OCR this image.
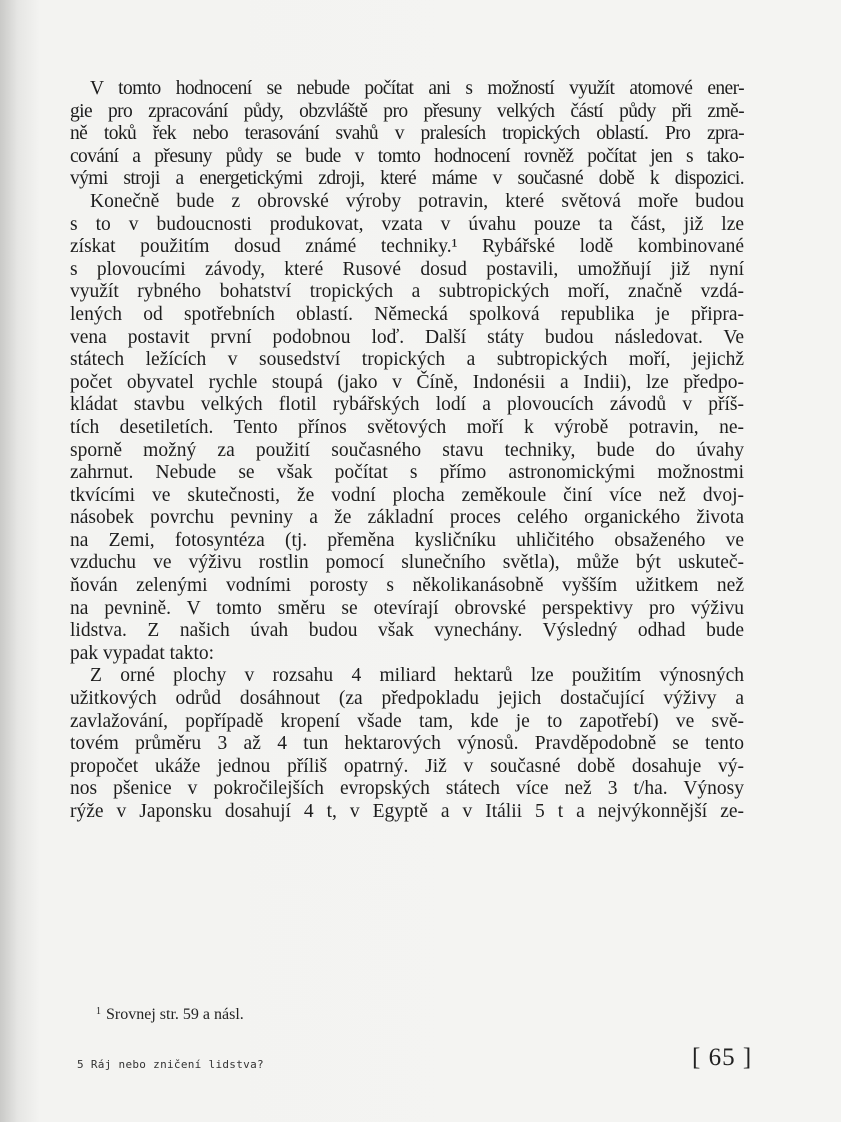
V tomto hodnocení se nebude počítat ani s možností využít atomové ener-
gie pro zpracování půdy, obzvláště pro přesuny velkých částí půdy při změ-
ně toků řek nebo terasování svahů v pralesích tropických oblastí. Pro zpra-
cování a přesuny půdy se bude v tomto hodnocení rovněž počítat jen s tako-
vými stroji a energetickými zdroji, které máme v současné době k dispozici.
Konečně bude z obrovské výroby potravin, které světová moře budou
s to v budoucnosti produkovat, vzata v úvahu pouze ta část, již lze
získat použitím dosud známé techniky.¹ Rybářské lodě kombinované
s plovoucími závody, které Rusové dosud postavili, umožňují již nyní
využít rybného bohatství tropických a subtropických moří, značně vzdá-
lených od spotřebních oblastí. Německá spolková republika je připra-
vena postavit první podobnou loď. Další státy budou následovat. Ve
státech ležících v sousedství tropických a subtropických moří, jejichž
počet obyvatel rychle stoupá (jako v Číně, Indonésii a Indii), lze předpo-
kládat stavbu velkých flotil rybářských lodí a plovoucích závodů v příš-
tích desetiletích. Tento přínos světových moří k výrobě potravin, ne-
sporně možný za použití současného stavu techniky, bude do úvahy
zahrnut. Nebude se však počítat s přímo astronomickými možnostmi
tkvícími ve skutečnosti, že vodní plocha zeměkoule činí více než dvoj-
násobek povrchu pevniny a že základní proces celého organického života
na Zemi, fotosyntéza (tj. přeměna kysličníku uhličitého obsaženého ve
vzduchu ve výživu rostlin pomocí slunečního světla), může být uskuteč-
ňován zelenými vodními porosty s několikanásobně vyšším užitkem než
na pevnině. V tomto směru se otevírají obrovské perspektivy pro výživu
lidstva. Z našich úvah budou však vynechány. Výsledný odhad bude
pak vypadat takto:
Z orné plochy v rozsahu 4 miliard hektarů lze použitím výnosných
užitkových odrůd dosáhnout (za předpokladu jejich dostačující výživy a
zavlažování, popřípadě kropení všade tam, kde je to zapotřebí) ve svě-
tovém průměru 3 až 4 tun hektarových výnosů. Pravděpodobně se tento
propočet ukáže jednou příliš opatrný. Již v současné době dosahuje vý-
nos pšenice v pokročilejších evropských státech více než 3 t/ha. Výnosy
rýže v Japonsku dosahují 4 t, v Egyptě a v Itálii 5 t a nejvýkonnější ze-
$^1$ Srovnej str. 59 a násl.
5 Ráj nebo zničení lidstva?	[ 65 ]
